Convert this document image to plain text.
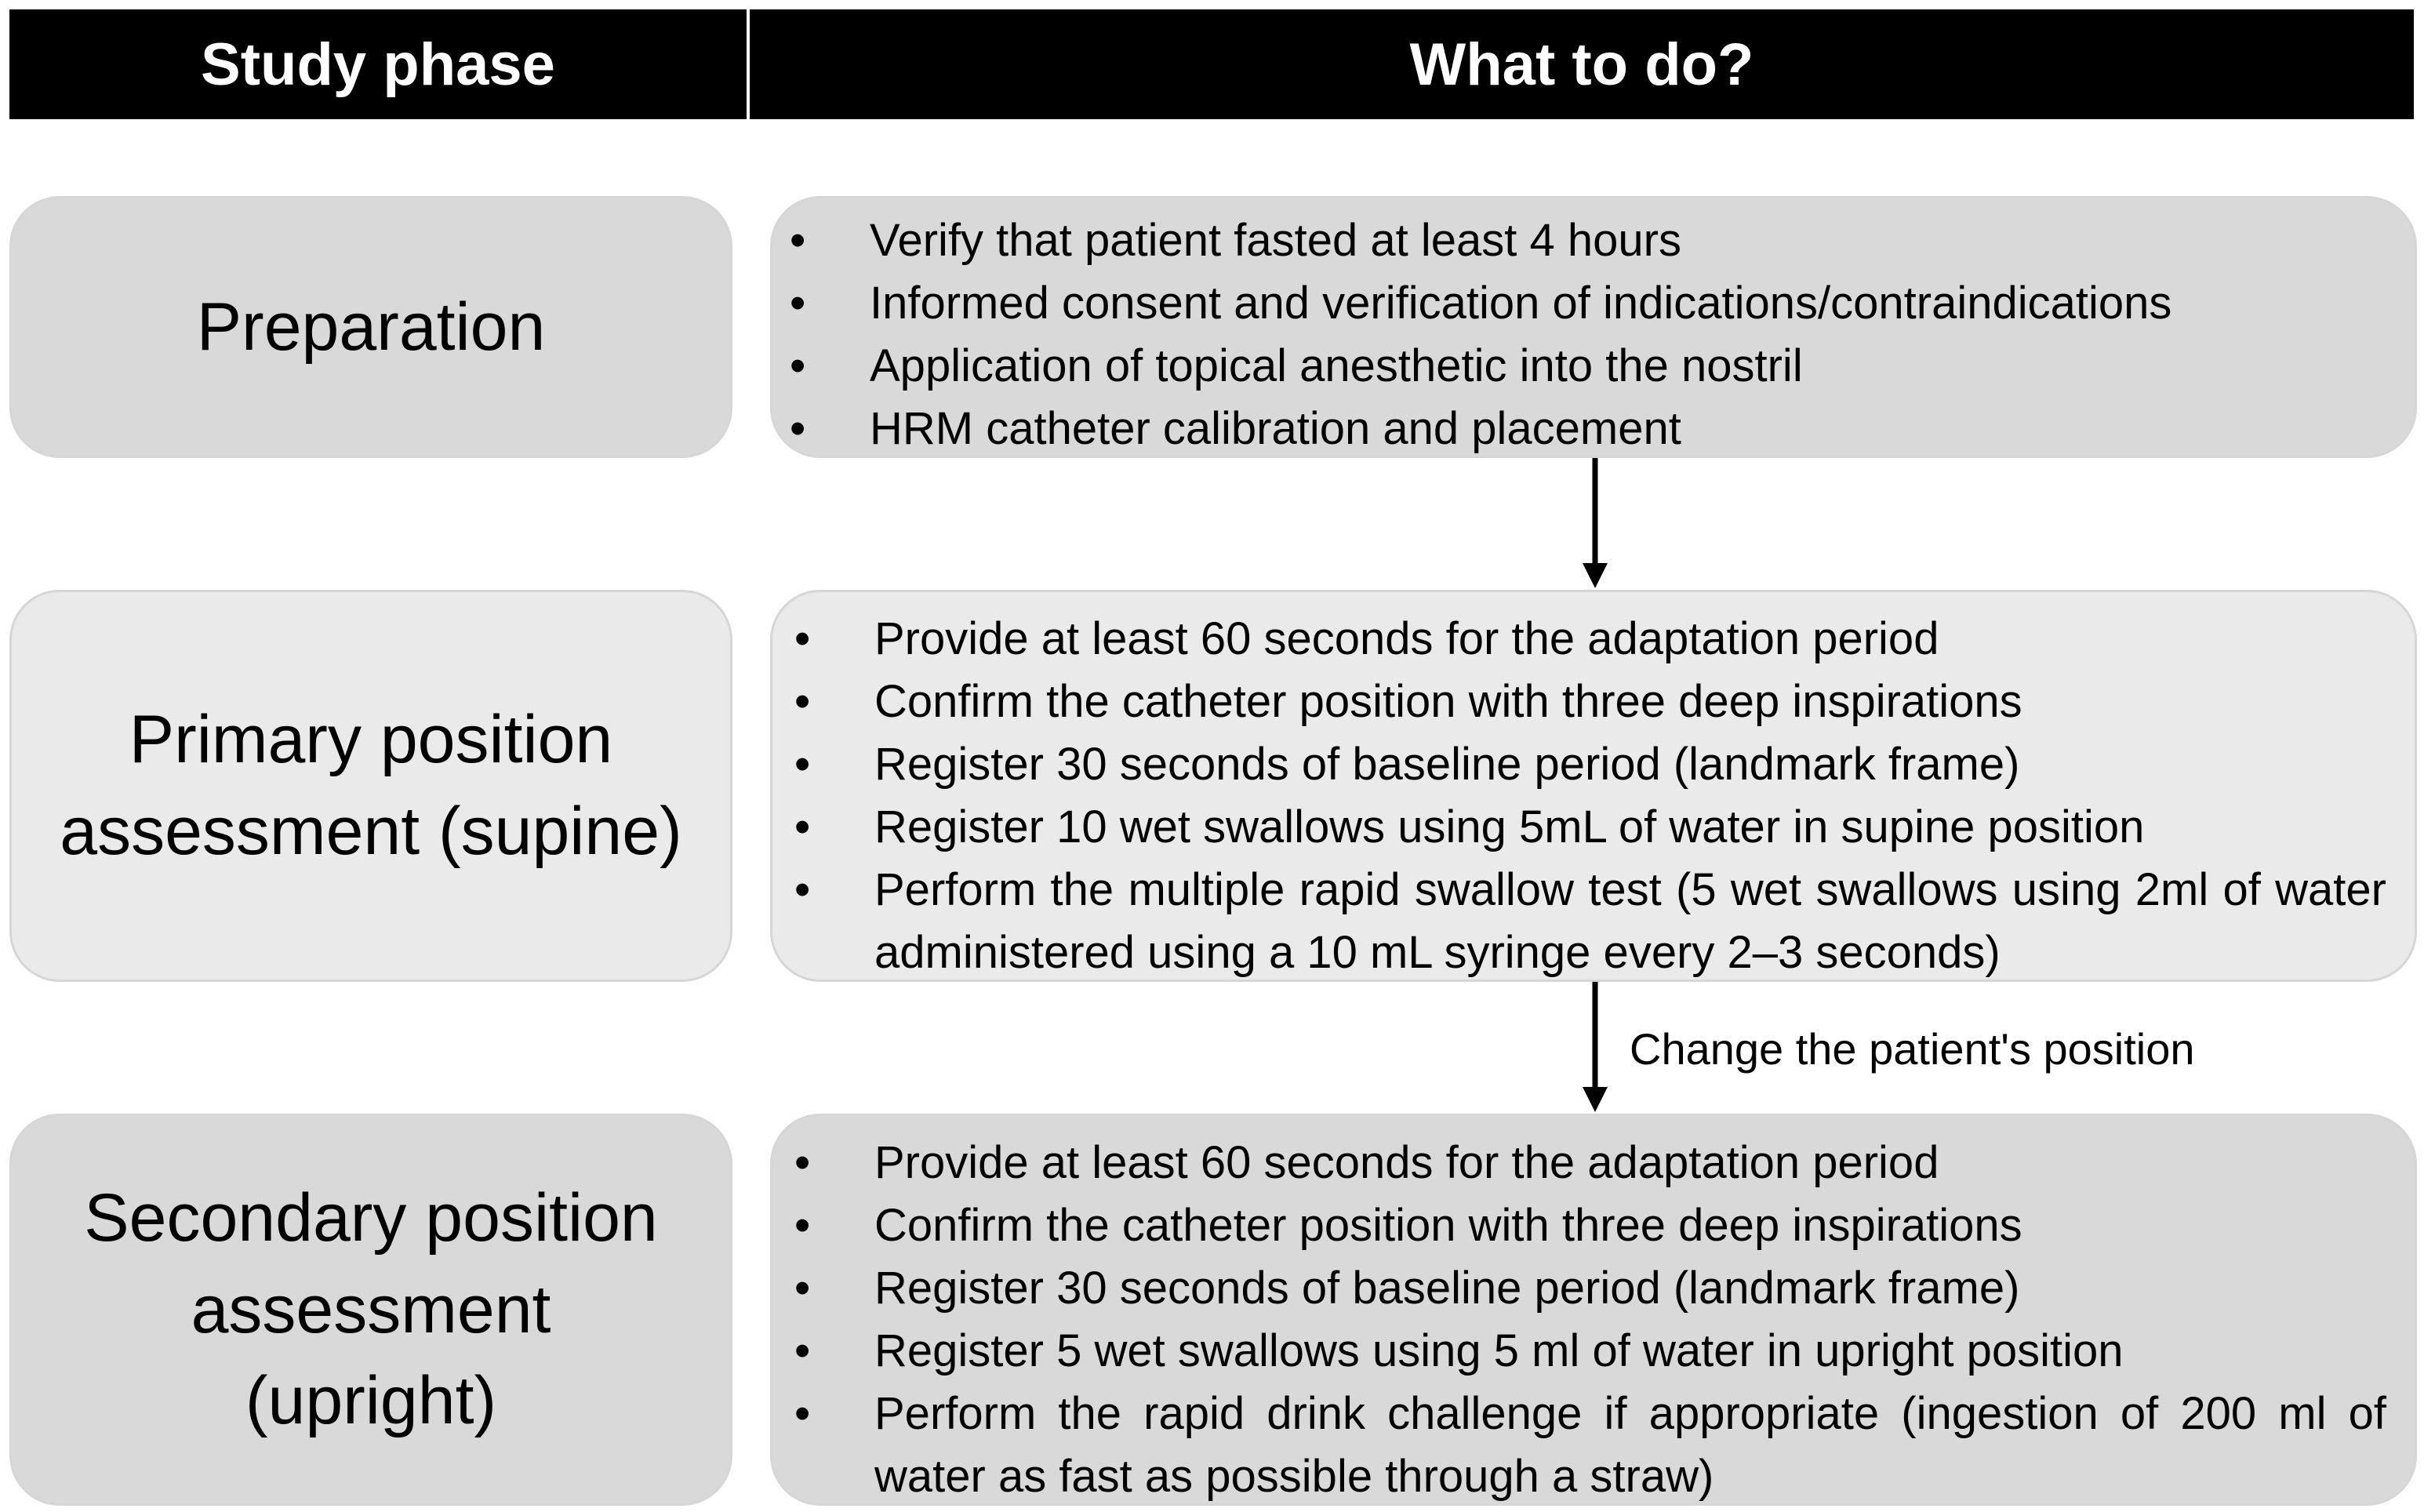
Study phase	What to do?
Preparation
• Verify that patient fasted at least 4 hours
• Informed consent and verification of indications/contraindications
• Application of topical anesthetic into the nostril
• HRM catheter calibration and placement
Primary position
assessment (supine)
• Provide at least 60 seconds for the adaptation period
• Confirm the catheter position with three deep inspirations
• Register 30 seconds of baseline period (landmark frame)
• Register 10 wet swallows using 5mL of water in supine position
• Perform the multiple rapid swallow test (5 wet swallows using 2ml of water administered using a 10 mL syringe every 2–3 seconds)
Change the patient's position
Secondary position
assessment
(upright)
• Provide at least 60 seconds for the adaptation period
• Confirm the catheter position with three deep inspirations
• Register 30 seconds of baseline period (landmark frame)
• Register 5 wet swallows using 5 ml of water in upright position
• Perform the rapid drink challenge if appropriate (ingestion of 200 ml of water as fast as possible through a straw)
